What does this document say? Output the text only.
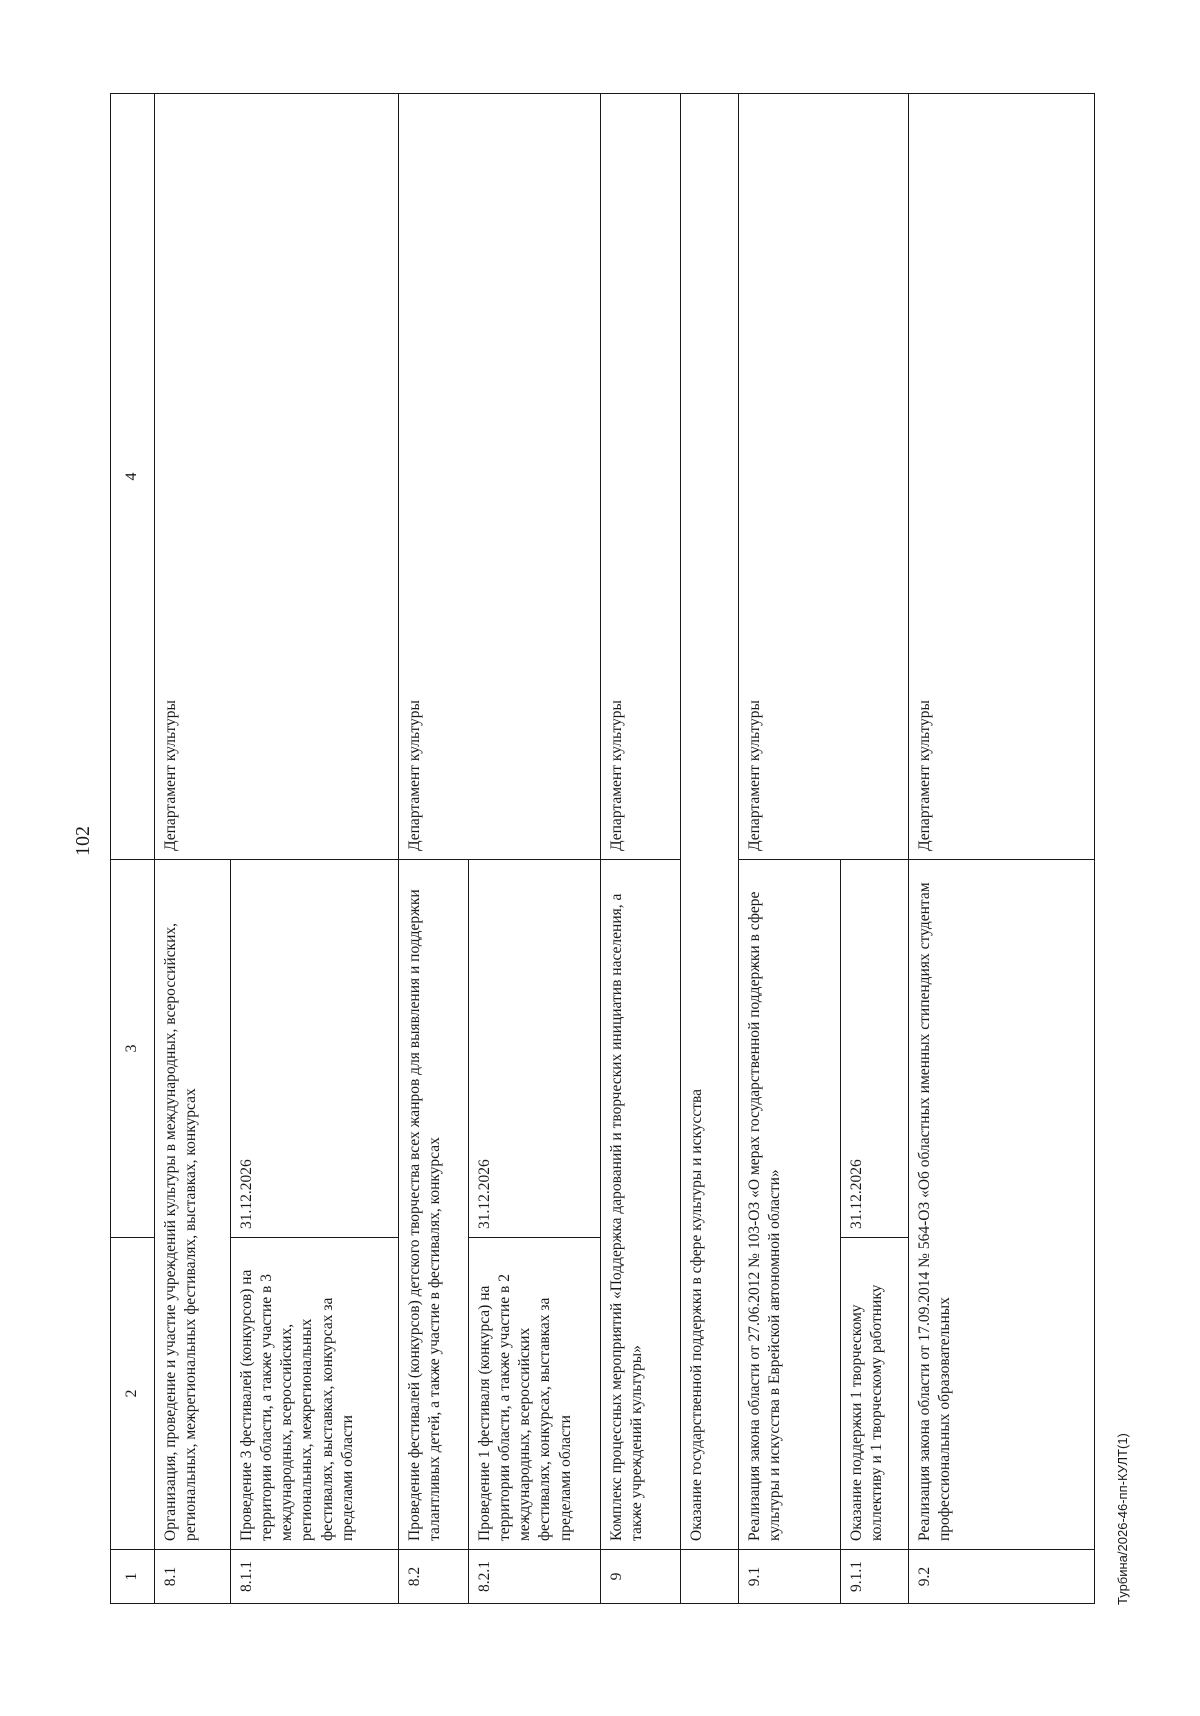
102
1	2	3	4
8.1	Организация, проведение и участие учреждений культуры в международных, всероссийских, региональных, межрегиональных фестивалях, выставках, конкурсах		Департамент культуры
8.1.1	Проведение 3 фестивалей (конкурсов) на территории области, а также участие в 3 международных, всероссийских, региональных, межрегиональных фестивалях, выставках, конкурсах за пределами области	31.12.2026	
8.2	Проведение фестивалей (конкурсов) детского творчества всех жанров для выявления и поддержки талантливых детей, а также участие в фестивалях, конкурсах		Департамент культуры
8.2.1	Проведение 1 фестиваля (конкурса) на территории области, а также участие в 2 международных, всероссийских фестивалях, конкурсах, выставках за пределами области	31.12.2026	
9	Комплекс процессных мероприятий «Поддержка дарований и творческих инициатив населения, а также учреждений культуры»		Департамент культуры
	Оказание государственной поддержки в сфере культуры и искусства		
9.1	Реализация закона области от 27.06.2012 № 103-ОЗ «О мерах государственной поддержки в сфере культуры и искусства в Еврейской автономной области»		Департамент культуры
9.1.1	Оказание поддержки 1 творческому коллективу и 1 творческому работнику	31.12.2026	
9.2	Реализация закона области от 17.09.2014 № 564-ОЗ «Об областных именных стипендиях студентам профессиональных образовательных		Департамент культуры
Турбина/2026-46-пп-КУЛТ(1)
